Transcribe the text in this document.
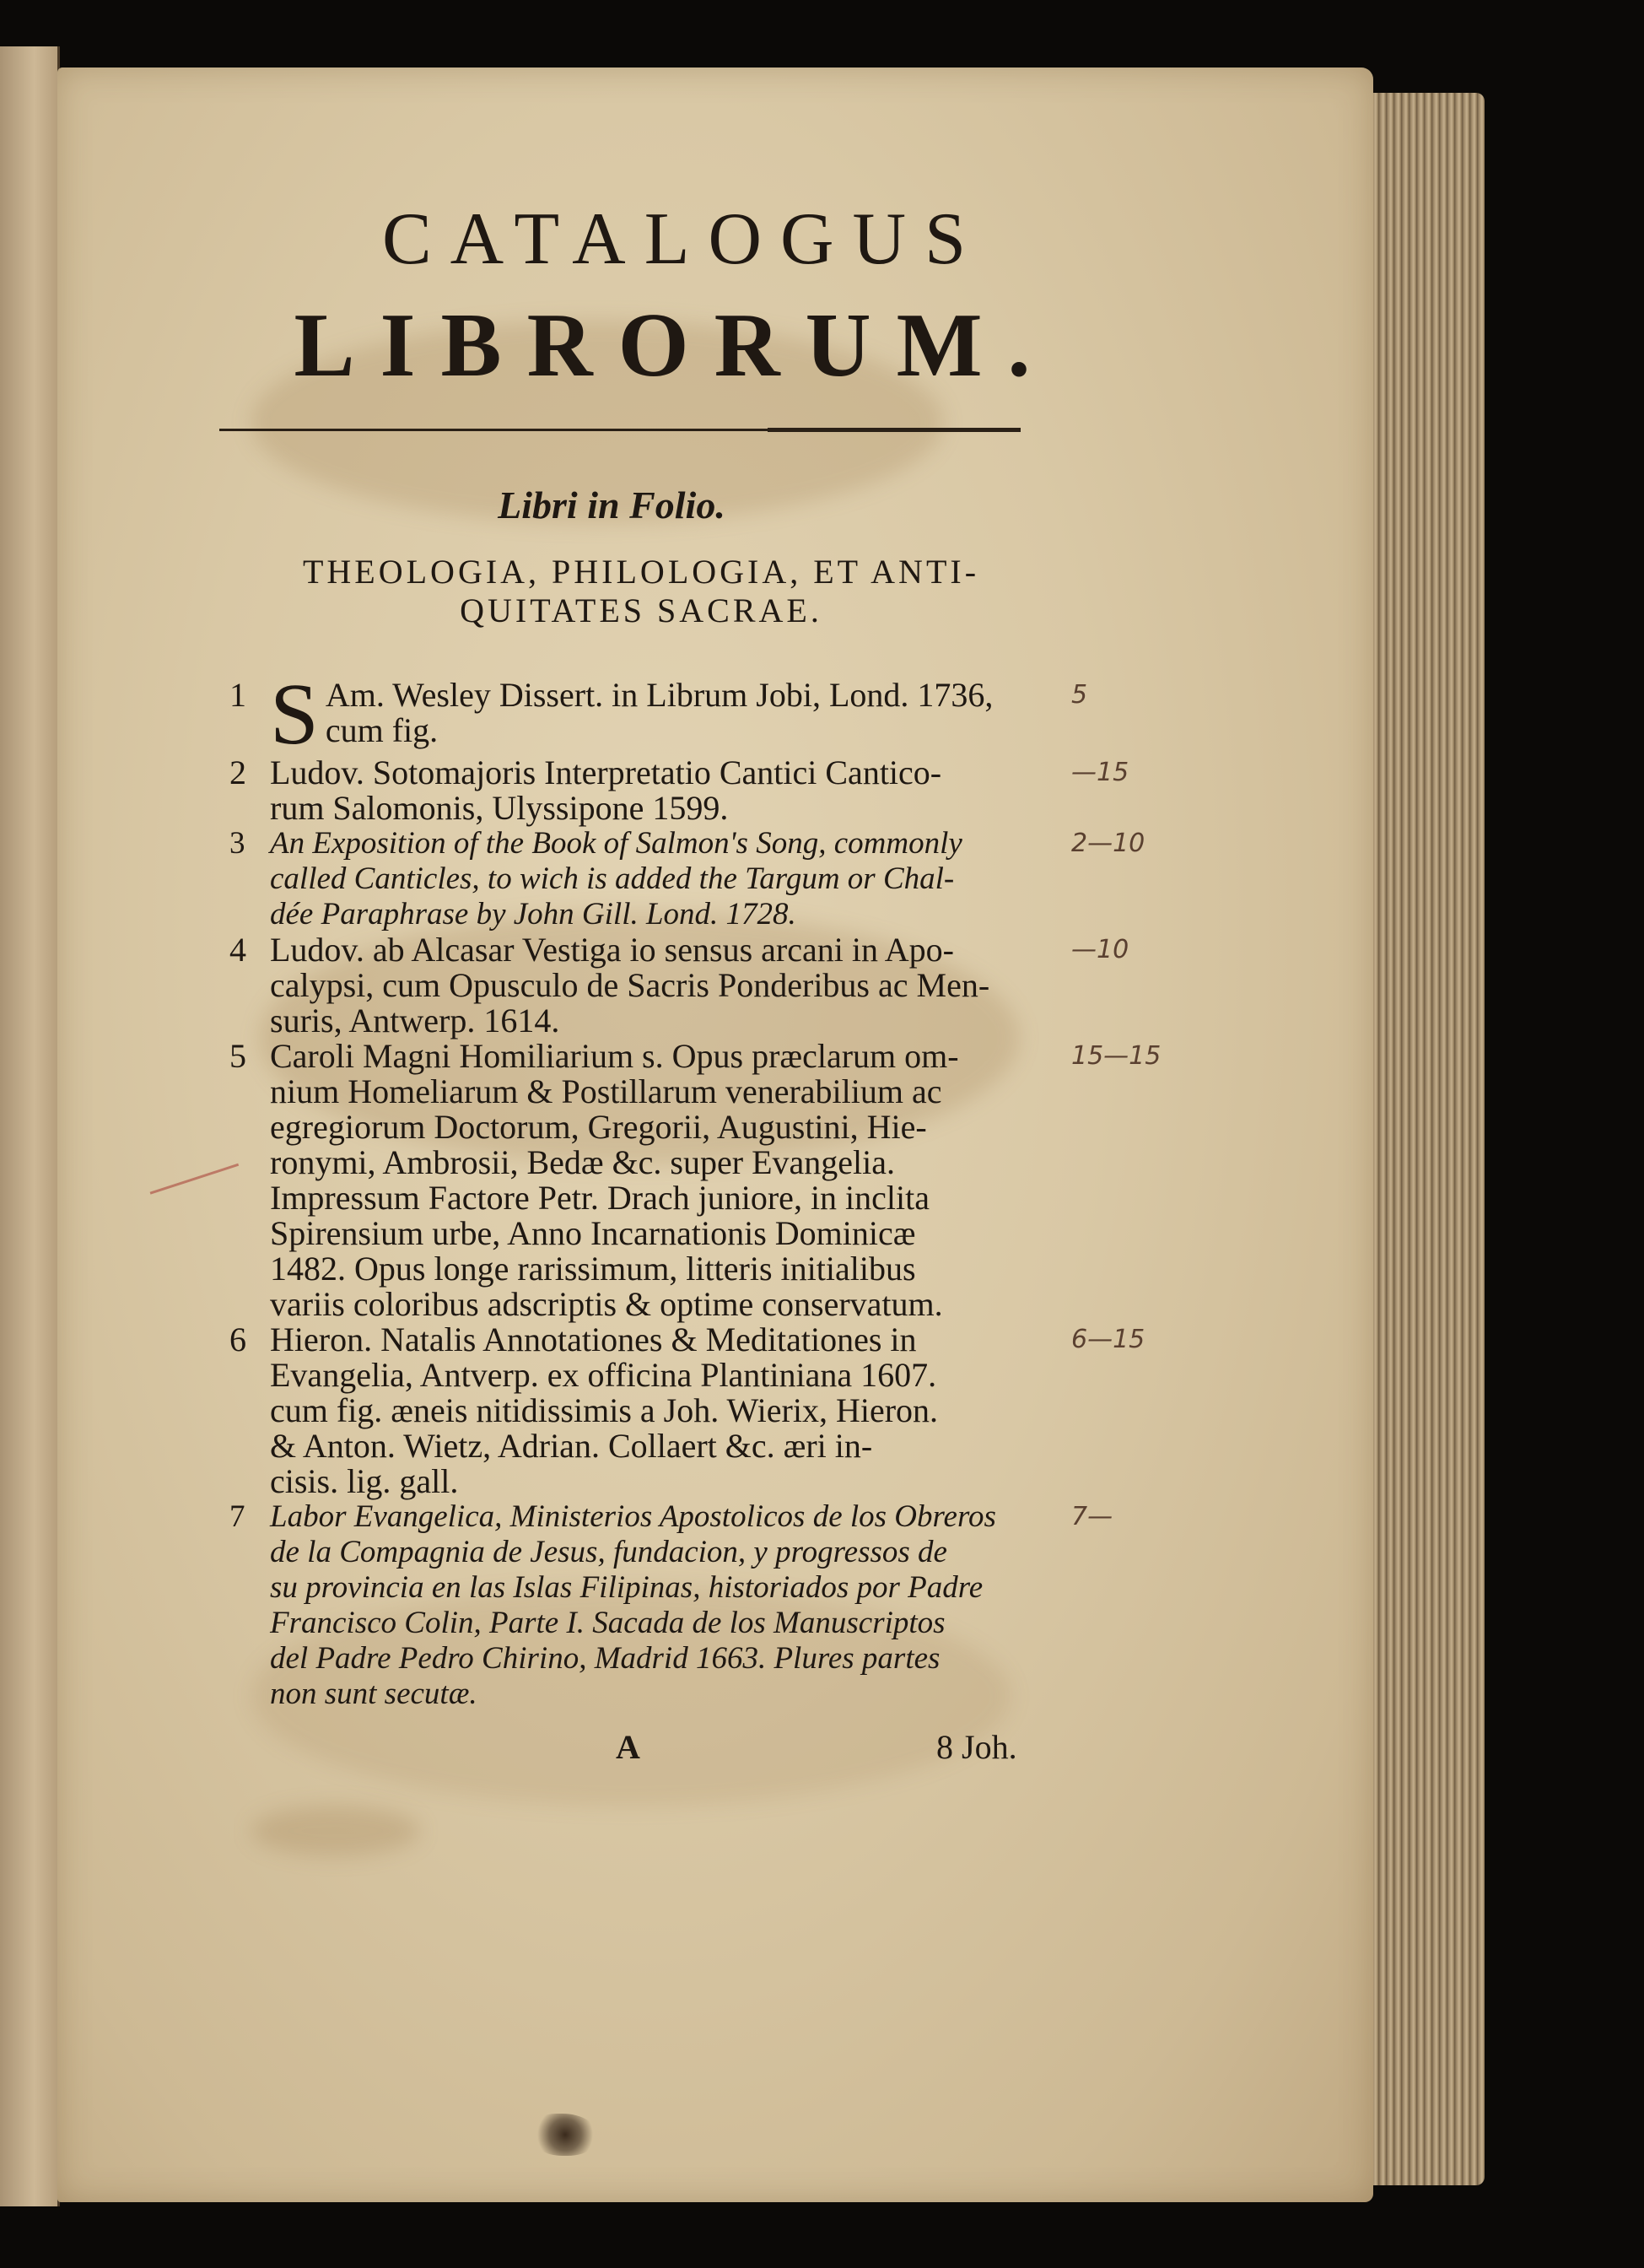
CATALOGUS
LIBRORUM.
Libri in Folio.
THEOLOGIA, PHILOLOGIA, ET ANTI-
QUITATES SACRAE.
1 S Am. Wesley Dissert. in Librum Jobi, Lond. 1736,
cum fig.
5
2 Ludov. Sotomajoris Interpretatio Cantici Cantico-
rum Salomonis, Ulyssipone 1599.
—15
3 An Exposition of the Book of Salmon's Song, commonly
called Canticles, to wich is added the Targum or Chal-
dée Paraphrase by John Gill. Lond. 1728.
2—10
4 Ludov. ab Alcasar Vestiga io sensus arcani in Apo-
calypsi, cum Opusculo de Sacris Ponderibus ac Men-
suris, Antwerp. 1614.
—10
5 Caroli Magni Homiliarium s. Opus præclarum om-
nium Homeliarum & Postillarum venerabilium ac
egregiorum Doctorum, Gregorii, Augustini, Hie-
ronymi, Ambrosii, Bedæ &c. super Evangelia.
Impressum Factore Petr. Drach juniore, in inclita
Spirensium urbe, Anno Incarnationis Dominicæ
1482. Opus longe rarissimum, litteris initialibus
variis coloribus adscriptis & optime conservatum.
15—15
6 Hieron. Natalis Annotationes & Meditationes in
Evangelia, Antverp. ex officina Plantiniana 1607.
cum fig. æneis nitidissimis a Joh. Wierix, Hieron.
& Anton. Wietz, Adrian. Collaert &c. æri in-
cisis. lig. gall.
6—15
7 Labor Evangelica, Ministerios Apostolicos de los Obreros
de la Compagnia de Jesus, fundacion, y progressos de
su provincia en las Islas Filipinas, historiados por Padre
Francisco Colin, Parte I. Sacada de los Manuscriptos
del Padre Pedro Chirino, Madrid 1663. Plures partes
non sunt secutæ.
7—
A	8 Joh.
